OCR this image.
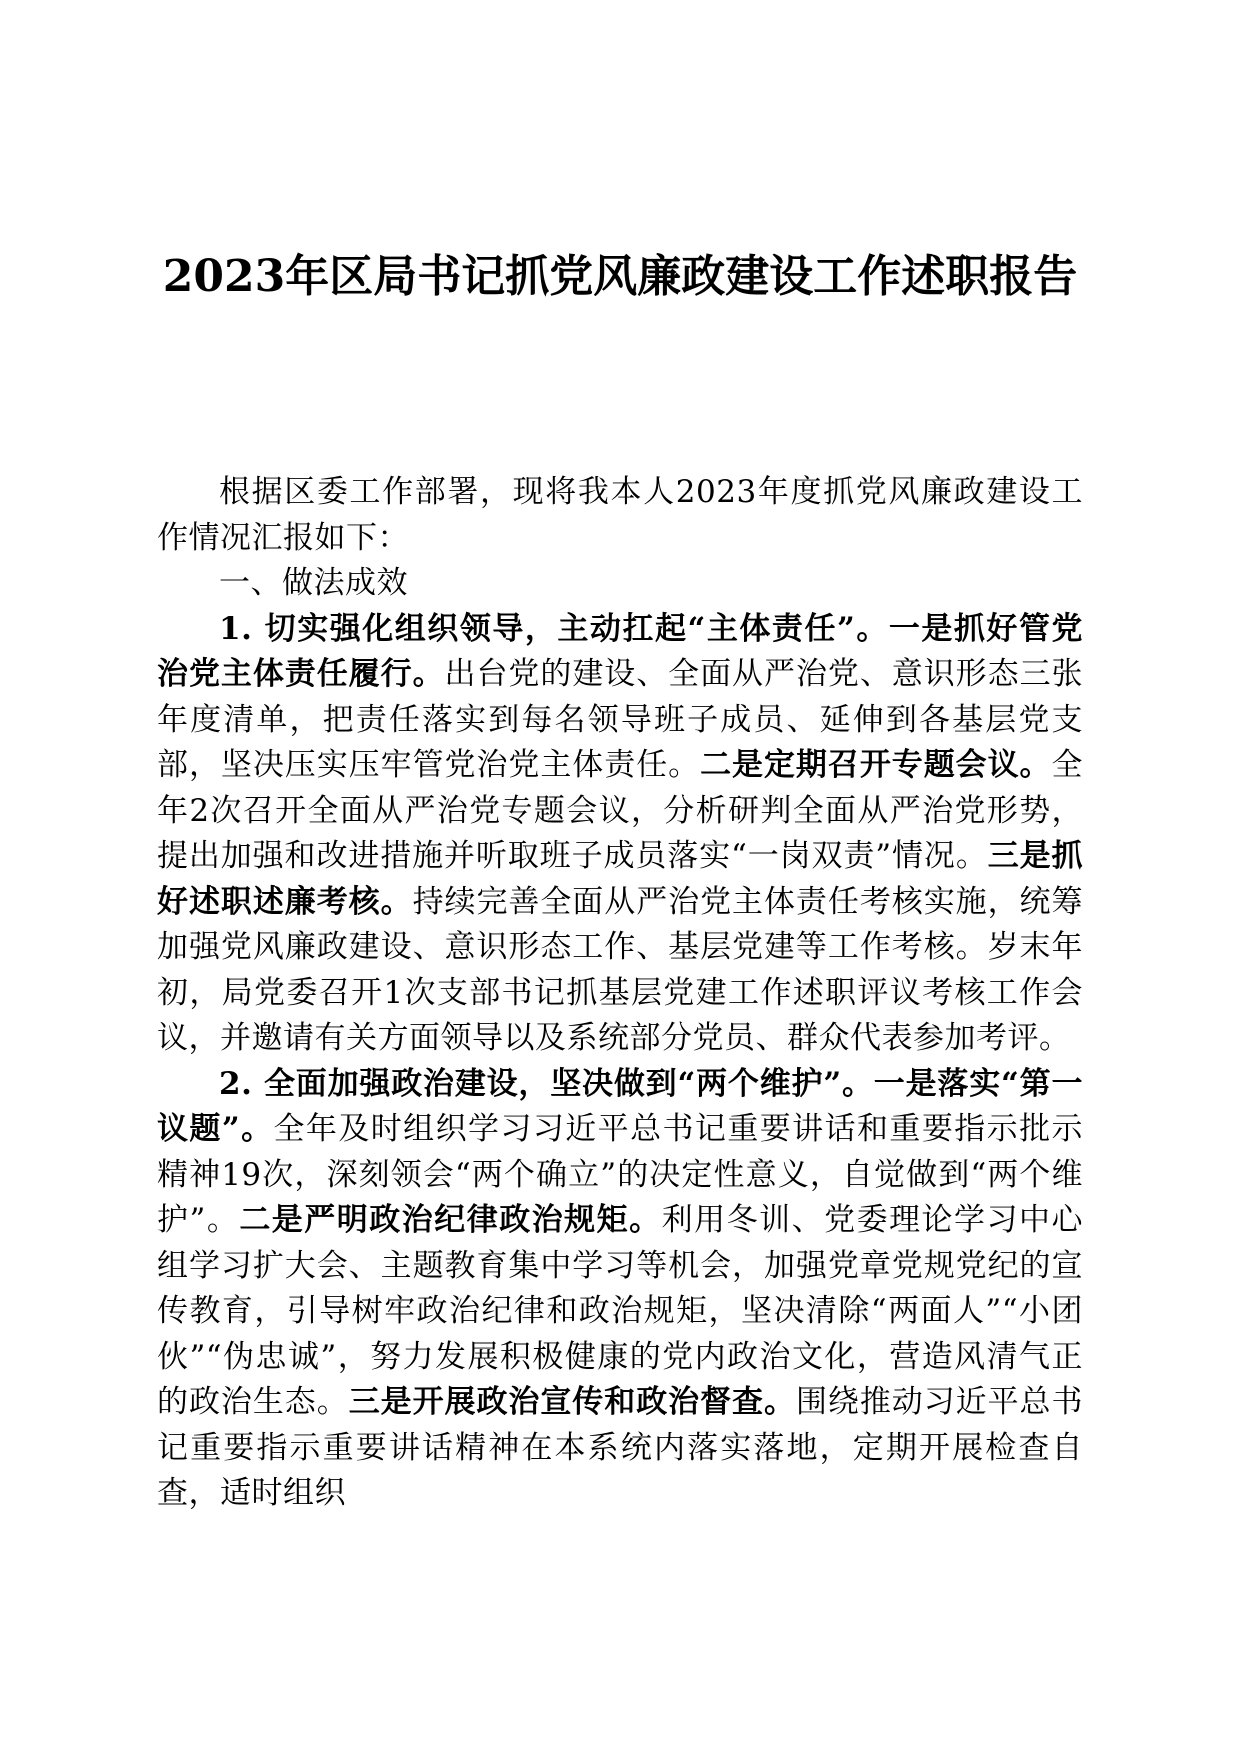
2023年区局书记抓党风廉政建设工作述职报告

根据区委工作部署，现将我本人2023年度抓党风廉政建设工作情况汇报如下：

一、做法成效

1. 切实强化组织领导，主动扛起“主体责任”。一是抓好管党治党主体责任履行。出台党的建设、全面从严治党、意识形态三张年度清单，把责任落实到每名领导班子成员、延伸到各基层党支部，坚决压实压牢管党治党主体责任。二是定期召开专题会议。全年2次召开全面从严治党专题会议，分析研判全面从严治党形势，提出加强和改进措施并听取班子成员落实“一岗双责”情况。三是抓好述职述廉考核。持续完善全面从严治党主体责任考核实施，统筹加强党风廉政建设、意识形态工作、基层党建等工作考核。岁末年初，局党委召开1次支部书记抓基层党建工作述职评议考核工作会议，并邀请有关方面领导以及系统部分党员、群众代表参加考评。

2. 全面加强政治建设，坚决做到“两个维护”。一是落实“第一议题”。全年及时组织学习习近平总书记重要讲话和重要指示批示精神19次，深刻领会“两个确立”的决定性意义，自觉做到“两个维护”。二是严明政治纪律政治规矩。利用冬训、党委理论学习中心组学习扩大会、主题教育集中学习等机会，加强党章党规党纪的宣传教育，引导树牢政治纪律和政治规矩，坚决清除“两面人”“小团伙”“伪忠诚”，努力发展积极健康的党内政治文化，营造风清气正的政治生态。三是开展政治宣传和政治督查。围绕推动习近平总书记重要指示重要讲话精神在本系统内落实落地，定期开展检查自查，适时组织
